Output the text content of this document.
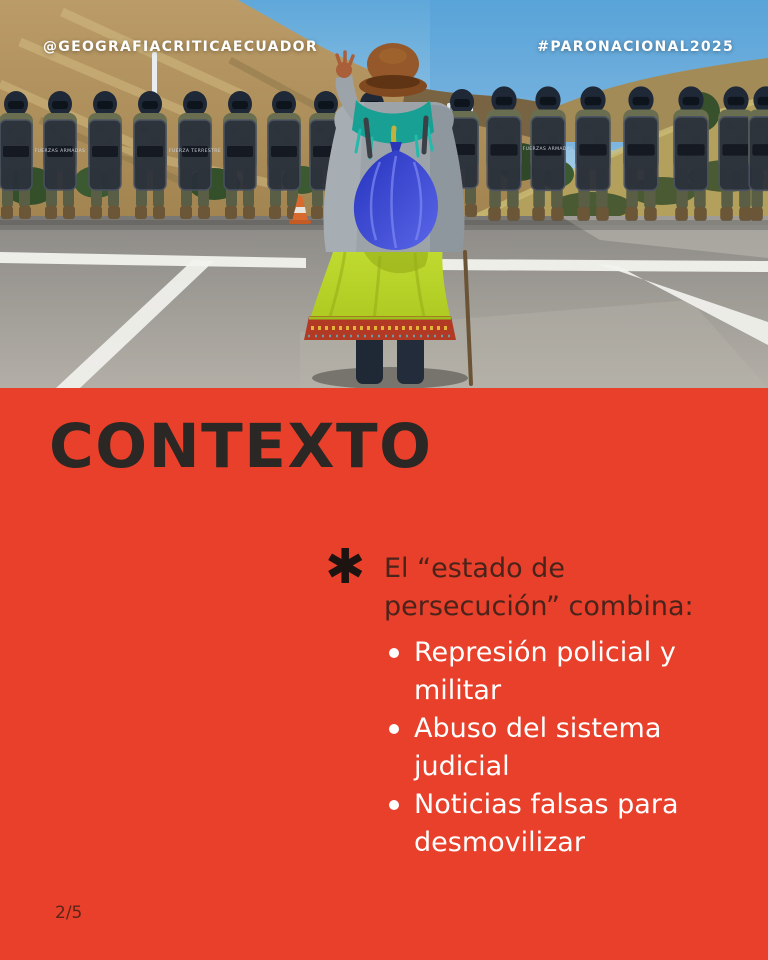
FUERZAS ARMADAS	FUERZA TERRESTRE	FUERZAS ARMADAS
@GEOGRAFIACRITICAECUADOR	#PARONACIONAL2025
CONTEXTO
✱ El “estado de persecución” combina:
Represión policial y militar
Abuso del sistema judicial
Noticias falsas para desmovilizar
2/5
